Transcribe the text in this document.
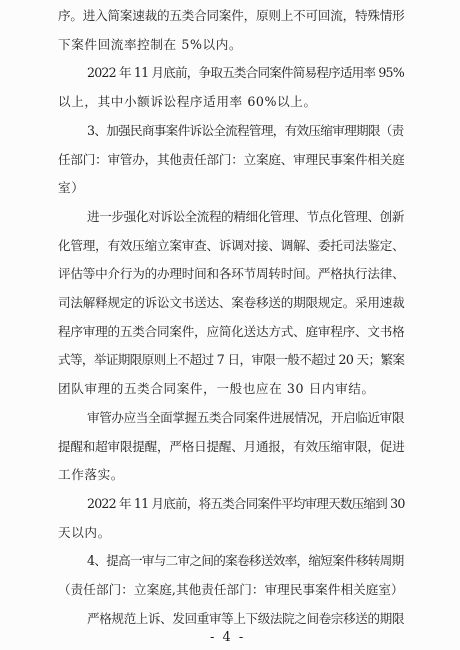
序。进入简案速裁的五类合同案件，原则上不可回流，特殊情形
下案件回流率控制在 5%以内。
2022 年 11 月底前，争取五类合同案件简易程序适用率 95%
以上，其中小额诉讼程序适用率 60%以上。
3、加强民商事案件诉讼全流程管理，有效压缩审理期限（责
任部门：审管办，其他责任部门：立案庭、审理民事案件相关庭
室）
进一步强化对诉讼全流程的精细化管理、节点化管理、创新
化管理，有效压缩立案审查、诉调对接、调解、委托司法鉴定、
评估等中介行为的办理时间和各环节周转时间。严格执行法律、
司法解释规定的诉讼文书送达、案卷移送的期限规定。采用速裁
程序审理的五类合同案件，应简化送达方式、庭审程序、文书格
式等，举证期限原则上不超过 7 日，审限一般不超过 20 天；繁案
团队审理的五类合同案件，一般也应在 30 日内审结。
审管办应当全面掌握五类合同案件进展情况，开启临近审限
提醒和超审限提醒，严格日提醒、月通报，有效压缩审限，促进
工作落实。
2022 年 11 月底前，将五类合同案件平均审理天数压缩到 30
天以内。
4、提高一审与二审之间的案卷移送效率，缩短案件移转周期
（责任部门：立案庭,其他责任部门：审理民事案件相关庭室）
严格规范上诉、发回重审等上下级法院之间卷宗移送的期限
- 4 -
